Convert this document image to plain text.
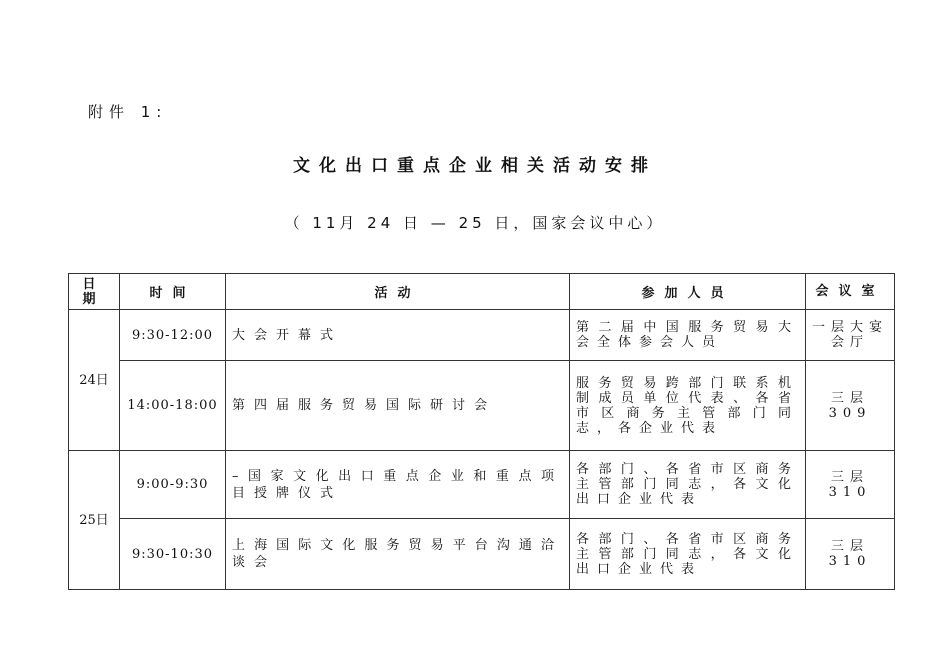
附件 1:
文化出口重点企业相关活动安排
（ 11月 24 日 — 25 日，国家会议中心）
日期	时间	活动	参加人员	会议室
24日	9:30-12:00	大会开幕式	第二届中国服务贸易大会全体参会人员	一层大宴会厅
	14:00-18:00	第四届服务贸易国际研讨会	服务贸易跨部门联系机制成员单位代表、各省市区商务主管部门同志，各企业代表	三层 309
25日	9:00-9:30	–国家文化出口重点企业和重点项目授牌仪式	各部门、各省市区商务主管部门同志，各文化出口企业代表	三层 310
	9:30-10:30	上海国际文化服务贸易平台沟通洽谈会	各部门、各省市区商务主管部门同志，各文化出口企业代表	三层 310
